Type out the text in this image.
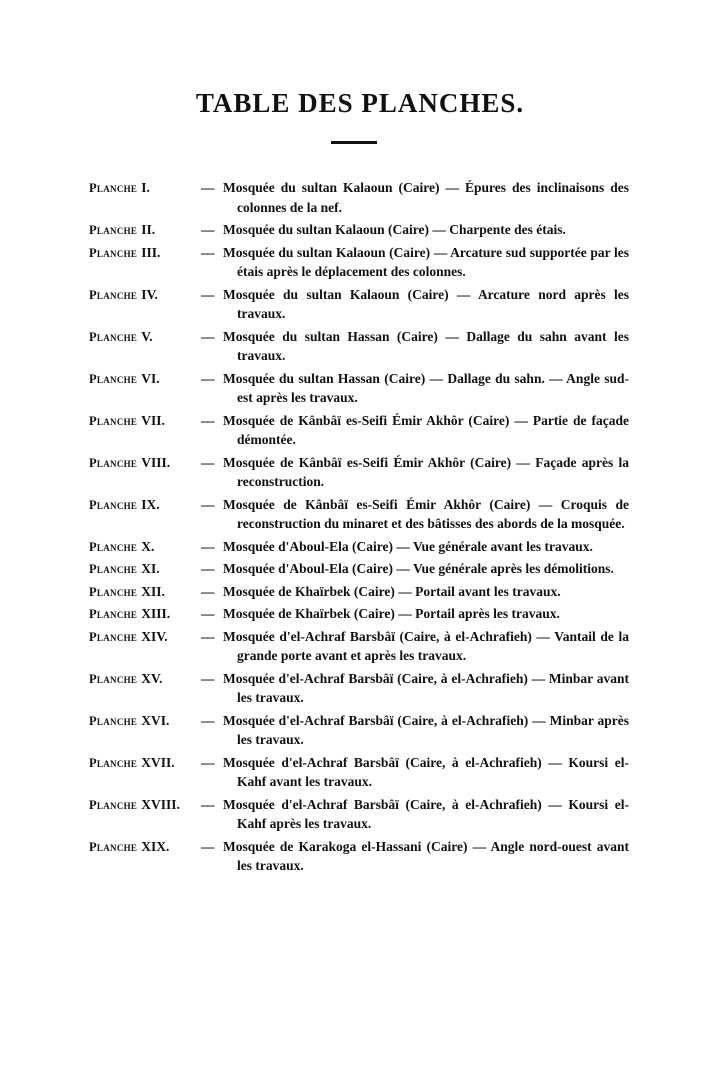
TABLE DES PLANCHES.
Planche I.	— Mosquée du sultan Kalaoun (Caire) — Épures des inclinaisons des colonnes de la nef.
Planche II.	— Mosquée du sultan Kalaoun (Caire) — Charpente des étais.
Planche III.	— Mosquée du sultan Kalaoun (Caire) — Arcature sud supportée par les étais après le déplacement des colonnes.
Planche IV.	— Mosquée du sultan Kalaoun (Caire) — Arcature nord après les travaux.
Planche V.	— Mosquée du sultan Hassan (Caire) — Dallage du sahn avant les travaux.
Planche VI.	— Mosquée du sultan Hassan (Caire) — Dallage du sahn. — Angle sud-est après les travaux.
Planche VII.	— Mosquée de Kânbâï es-Seifi Émir Akhôr (Caire) — Partie de façade démontée.
Planche VIII.	— Mosquée de Kânbâï es-Seifi Émir Akhôr (Caire) — Façade après la reconstruction.
Planche IX.	— Mosquée de Kânbâï es-Seifi Émir Akhôr (Caire) — Croquis de reconstruction du minaret et des bâtisses des abords de la mosquée.
Planche X.	— Mosquée d'Aboul-Ela (Caire) — Vue générale avant les travaux.
Planche XI.	— Mosquée d'Aboul-Ela (Caire) — Vue générale après les démolitions.
Planche XII.	— Mosquée de Khaïrbek (Caire) — Portail avant les travaux.
Planche XIII.	— Mosquée de Khaïrbek (Caire) — Portail après les travaux.
Planche XIV.	— Mosquée d'el-Achraf Barsbâï (Caire, à el-Achrafieh) — Vantail de la grande porte avant et après les travaux.
Planche XV.	— Mosquée d'el-Achraf Barsbâï (Caire, à el-Achrafieh) — Minbar avant les travaux.
Planche XVI.	— Mosquée d'el-Achraf Barsbâï (Caire, à el-Achrafieh) — Minbar après les travaux.
Planche XVII.	— Mosquée d'el-Achraf Barsbâï (Caire, à el-Achrafieh) — Koursi el-Kahf avant les travaux.
Planche XVIII.	— Mosquée d'el-Achraf Barsbâï (Caire, à el-Achrafieh) — Koursi el-Kahf après les travaux.
Planche XIX.	— Mosquée de Karakoga el-Hassani (Caire) — Angle nord-ouest avant les travaux.
